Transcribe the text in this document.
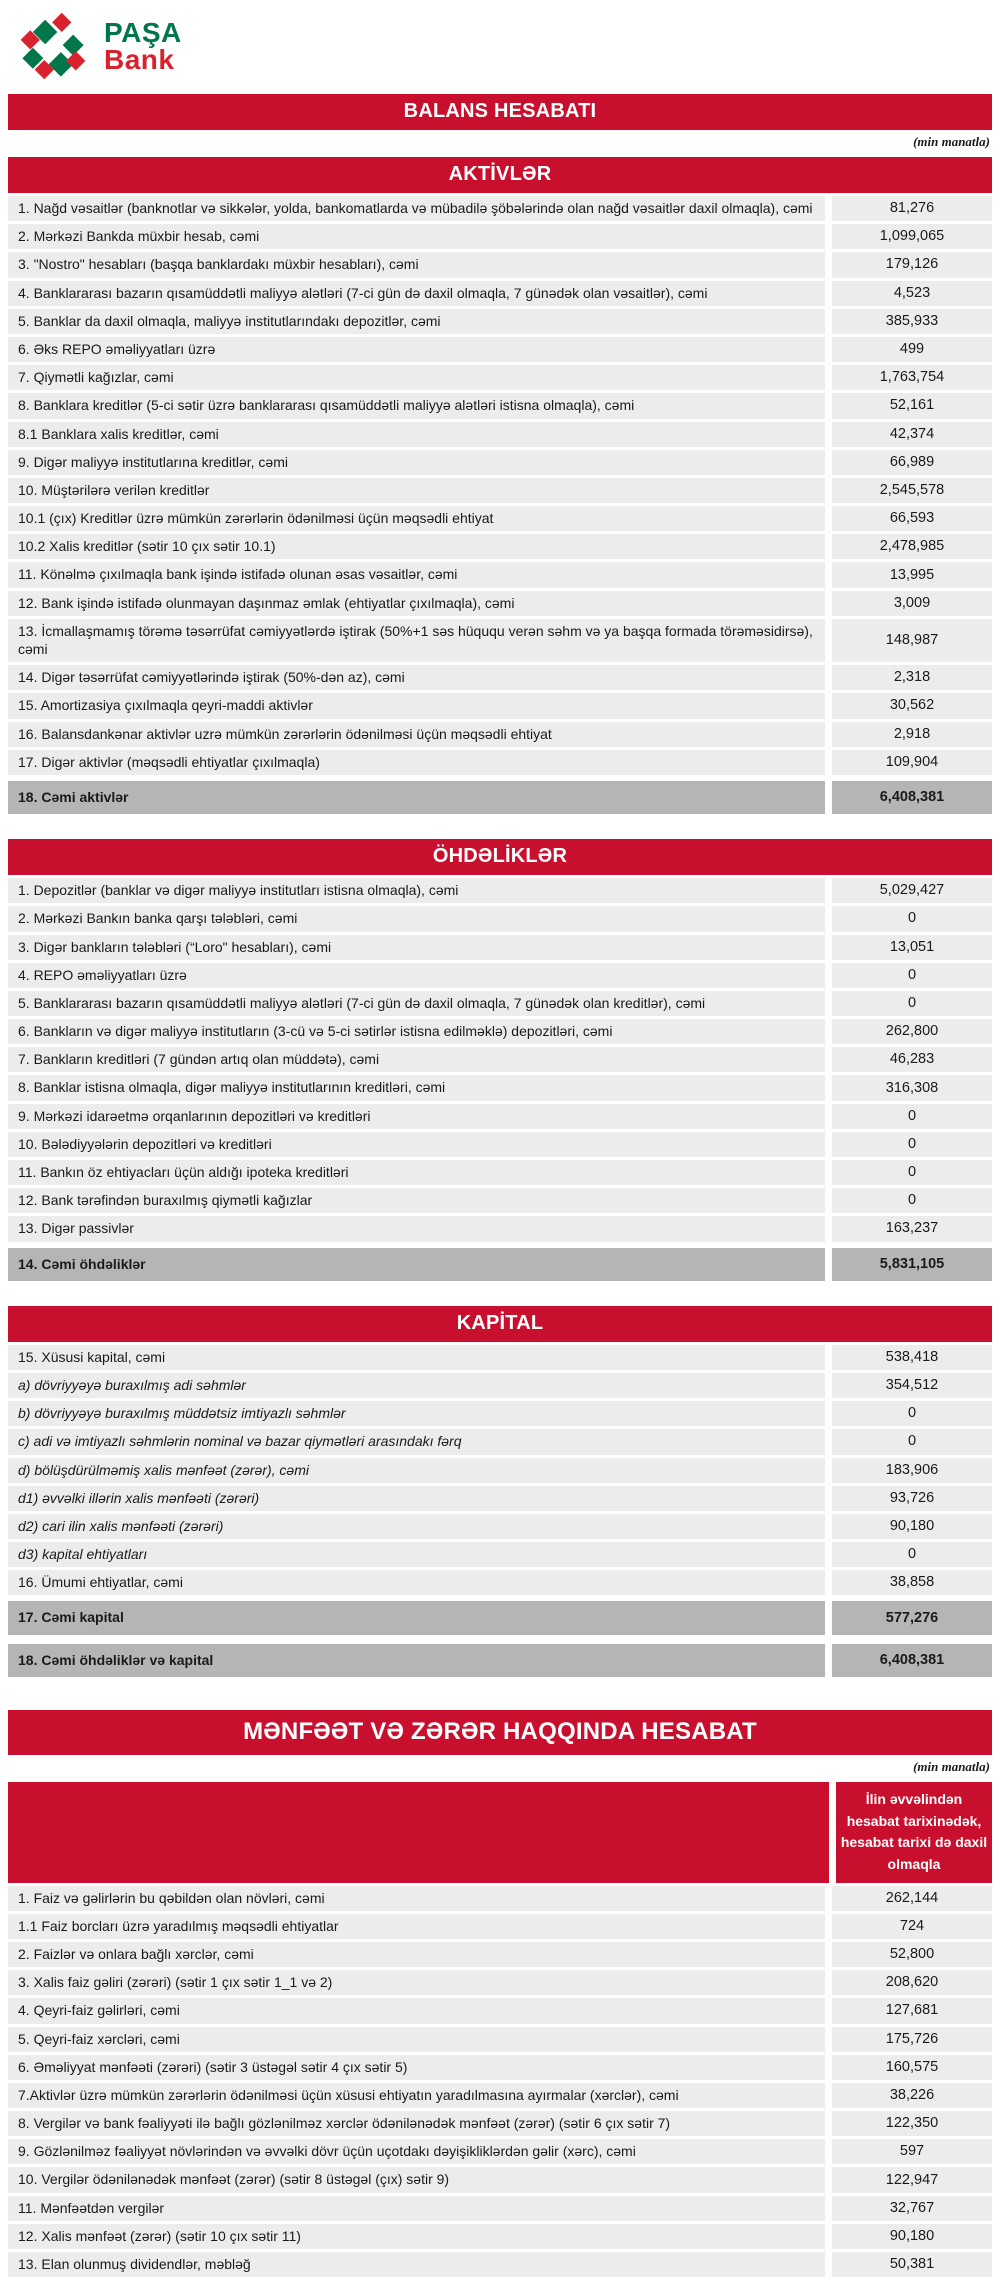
PAŞA
Bank
BALANS HESABATI
(min manatla)
AKTİVLƏR
1. Nağd vəsaitlər (banknotlar və sikkələr, yolda, bankomatlarda və mübadilə şöbələrində olan nağd vəsaitlər daxil olmaqla), cəmi	81,276
2. Mərkəzi Bankda müxbir hesab, cəmi	1,099,065
3. "Nostro" hesabları (başqa banklardakı müxbir hesabları), cəmi	179,126
4. Banklararası bazarın qısamüddətli maliyyə alətləri (7-ci gün də daxil olmaqla, 7 günədək olan vəsaitlər), cəmi	4,523
5. Banklar da daxil olmaqla, maliyyə institutlarındakı depozitlər, cəmi	385,933
6. Əks REPO əməliyyatları üzrə	499
7. Qiymətli kağızlar, cəmi	1,763,754
8. Banklara kreditlər (5-ci sətir üzrə banklararası qısamüddətli maliyyə alətləri istisna olmaqla), cəmi	52,161
8.1 Banklara xalis kreditlər, cəmi	42,374
9. Digər maliyyə institutlarına kreditlər, cəmi	66,989
10. Müştərilərə verilən kreditlər	2,545,578
10.1 (çıx) Kreditlər üzrə mümkün zərərlərin ödənilməsi üçün məqsədli ehtiyat	66,593
10.2 Xalis kreditlər (sətir 10 çıx sətir 10.1)	2,478,985
11. Könəlmə çıxılmaqla bank işində istifadə olunan əsas vəsaitlər, cəmi	13,995
12. Bank işində istifadə olunmayan daşınmaz əmlak (ehtiyatlar çıxılmaqla), cəmi	3,009
13. İcmallaşmamış törəmə təsərrüfat cəmiyyətlərdə iştirak (50%+1 səs hüququ verən səhm və ya başqa formada törəməsidirsə), cəmi
148,987
14. Digər təsərrüfat cəmiyyətlərində iştirak (50%-dən az), cəmi	2,318
15. Amortizasiya çıxılmaqla qeyri-maddi aktivlər	30,562
16. Balansdankənar aktivlər uzrə mümkün zərərlərin ödənilməsi üçün məqsədli ehtiyat	2,918
17. Digər aktivlər (məqsədli ehtiyatlar çıxılmaqla)	109,904
18. Cəmi aktivlər	6,408,381
ÖHDƏLİKLƏR
1. Depozitlər (banklar və digər maliyyə institutları istisna olmaqla), cəmi	5,029,427
2. Mərkəzi Bankın banka qarşı tələbləri, cəmi	0
3. Digər bankların tələbləri (“Loro" hesabları), cəmi	13,051
4. REPO əməliyyatları üzrə	0
5. Banklararası bazarın qısamüddətli maliyyə alətləri (7-ci gün də daxil olmaqla, 7 günədək olan kreditlər), cəmi	0
6. Bankların və digər maliyyə institutların (3-cü və 5-ci sətirlər istisna edilməklə) depozitləri, cəmi	262,800
7. Bankların kreditləri (7 gündən artıq olan müddətə), cəmi	46,283
8. Banklar istisna olmaqla, digər maliyyə institutlarının kreditləri, cəmi	316,308
9. Mərkəzi idarəetmə orqanlarının depozitləri və kreditləri	0
10. Bələdiyyələrin depozitləri və kreditləri	0
11. Bankın öz ehtiyacları üçün aldığı ipoteka kreditləri	0
12. Bank tərəfindən buraxılmış qiymətli kağızlar	0
13. Digər passivlər	163,237
14. Cəmi öhdəliklər	5,831,105
KAPİTAL
15. Xüsusi kapital, cəmi	538,418
a) dövriyyəyə buraxılmış adi səhmlər	354,512
b) dövriyyəyə buraxılmış müddətsiz imtiyazlı səhmlər	0
c) adi və imtiyazlı səhmlərin nominal və bazar qiymətləri arasındakı fərq	0
d) bölüşdürülməmiş xalis mənfəət (zərər), cəmi	183,906
d1) əvvəlki illərin xalis mənfəəti (zərəri)	93,726
d2) cari ilin xalis mənfəəti (zərəri)	90,180
d3) kapital ehtiyatları	0
16. Ümumi ehtiyatlar, cəmi	38,858
17. Cəmi kapital	577,276
18. Cəmi öhdəliklər və kapital	6,408,381
MƏNFƏƏT VƏ ZƏRƏR HAQQINDA HESABAT
(min manatla)
İlin əvvəlindən hesabat tarixinədək, hesabat tarixi də daxil olmaqla
1. Faiz və gəlirlərin bu qəbildən olan növləri, cəmi	262,144
1.1 Faiz borcları üzrə yaradılmış məqsədli ehtiyatlar	724
2. Faizlər və onlara bağlı xərclər, cəmi	52,800
3. Xalis faiz gəliri (zərəri) (sətir 1 çıx sətir 1_1 və 2)	208,620
4. Qeyri-faiz gəlirləri, cəmi	127,681
5. Qeyri-faiz xərcləri, cəmi	175,726
6. Əməliyyat mənfəəti (zərəri) (sətir 3 üstəgəl sətir 4 çıx sətir 5)	160,575
7.Aktivlər üzrə mümkün zərərlərin ödənilməsi üçün xüsusi ehtiyatın yaradılmasına ayırmalar (xərclər), cəmi	38,226
8. Vergilər və bank fəaliyyəti ilə bağlı gözlənilməz xərclər ödənilənədək mənfəət (zərər) (sətir 6 çıx sətir 7)	122,350
9. Gözlənilməz fəaliyyət növlərindən və əvvəlki dövr üçün uçotdakı dəyişikliklərdən gəlir (xərc), cəmi	597
10. Vergilər ödənilənədək mənfəət (zərər) (sətir 8 üstəgəl (çıx) sətir 9)	122,947
11. Mənfəətdən vergilər	32,767
12. Xalis mənfəət (zərər) (sətir 10 çıx sətir 11)	90,180
13. Elan olunmuş dividendlər, məbləğ	50,381
